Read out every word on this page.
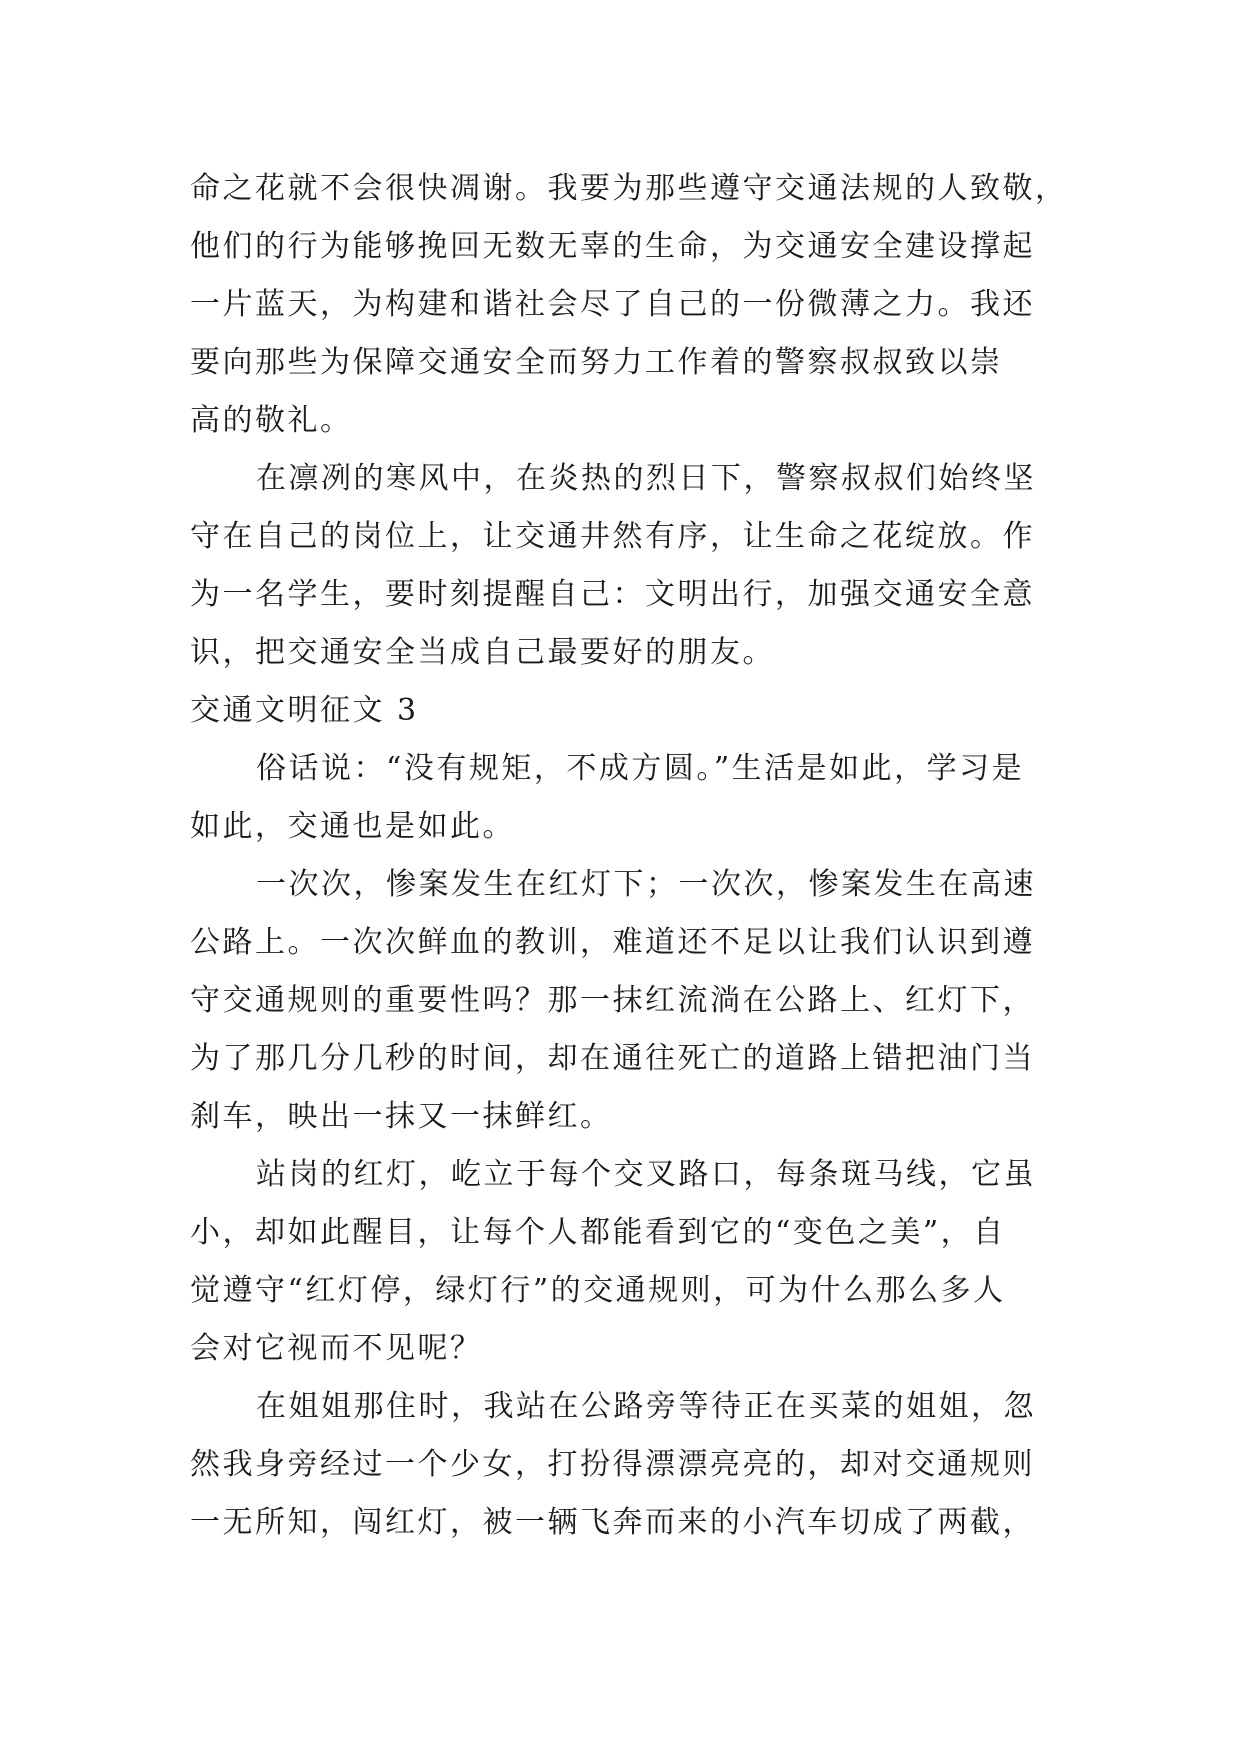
命之花就不会很快凋谢。我要为那些遵守交通法规的人致敬，
他们的行为能够挽回无数无辜的生命，为交通安全建设撑起
一片蓝天，为构建和谐社会尽了自己的一份微薄之力。我还
要向那些为保障交通安全而努力工作着的警察叔叔致以崇
高的敬礼。
在凛冽的寒风中，在炎热的烈日下，警察叔叔们始终坚
守在自己的岗位上，让交通井然有序，让生命之花绽放。作
为一名学生，要时刻提醒自己：文明出行，加强交通安全意
识，把交通安全当成自己最要好的朋友。
交通文明征文 3
俗话说：“没有规矩，不成方圆。”生活是如此，学习是
如此，交通也是如此。
一次次，惨案发生在红灯下；一次次，惨案发生在高速
公路上。一次次鲜血的教训，难道还不足以让我们认识到遵
守交通规则的重要性吗？那一抹红流淌在公路上、红灯下，
为了那几分几秒的时间，却在通往死亡的道路上错把油门当
刹车，映出一抹又一抹鲜红。
站岗的红灯，屹立于每个交叉路口，每条斑马线，它虽
小，却如此醒目，让每个人都能看到它的“变色之美”，自
觉遵守“红灯停，绿灯行”的交通规则，可为什么那么多人
会对它视而不见呢？
在姐姐那住时，我站在公路旁等待正在买菜的姐姐，忽
然我身旁经过一个少女，打扮得漂漂亮亮的，却对交通规则
一无所知，闯红灯，被一辆飞奔而来的小汽车切成了两截，
